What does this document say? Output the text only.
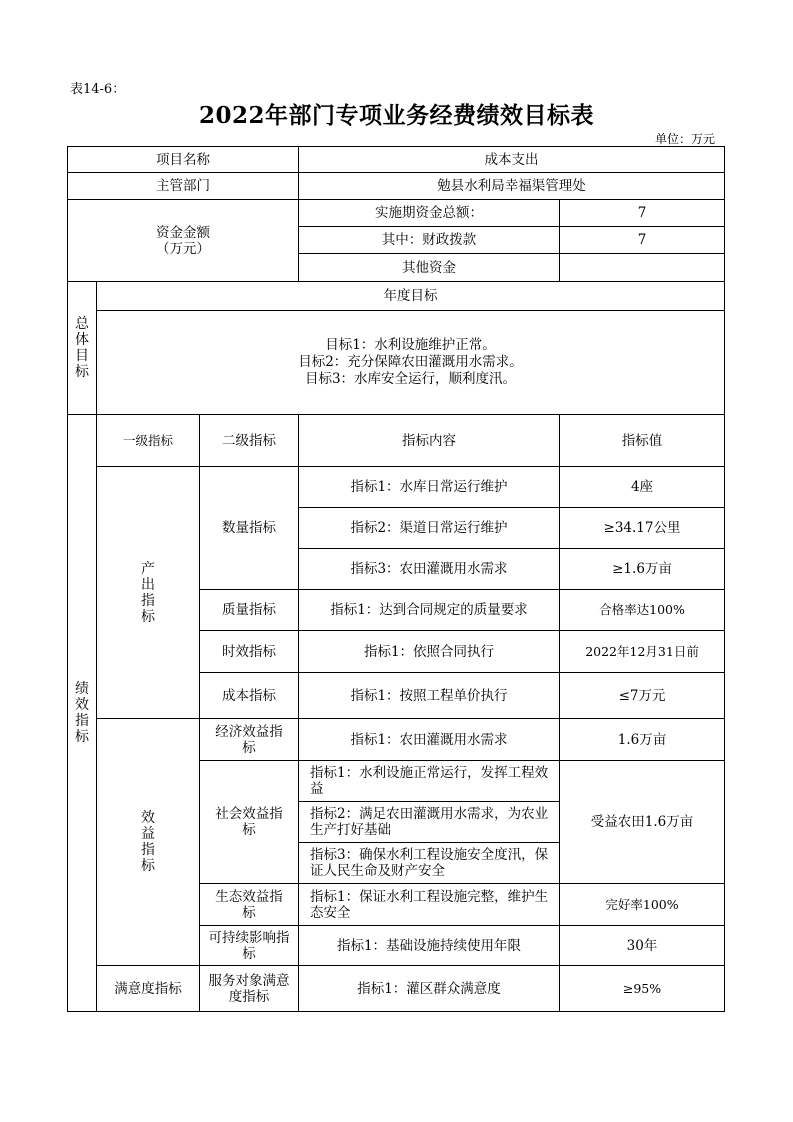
表14-6：
2022年部门专项业务经费绩效目标表
单位：万元
项目名称			成本支出	
主管部门			勉县水利局幸福渠管理处	

资金金额
（万元）			实施期资金总额：	7
			其中：财政拨款	7
			其他资金	
总体目标	年度目标			

	目标1：水利设施维护正常。
目标2：充分保障农田灌溉用水需求。
目标3：水库安全运行，顺利度汛。			

绩效指标	一级指标	二级指标	指标内容	指标值
	产出指标	数量指标	指标1：水库日常运行维护	4座
			指标2：渠道日常运行维护	≥34.17公里
			指标3：农田灌溉用水需求	≥1.6万亩
		质量指标	指标1：达到合同规定的质量要求	合格率达100%
		时效指标	指标1：依照合同执行	2022年12月31日前
		成本指标	指标1：按照工程单价执行	≤7万元
	效益指标	经济效益指标	指标1：农田灌溉用水需求	1.6万亩

		社会效益指标	指标1：水利设施正常运行，发挥工程效益	受益农田1.6万亩

			指标2：满足农田灌溉用水需求，为农业生产打好基础	

			指标3：确保水利工程设施安全度汛，保证人民生命及财产安全	

		生态效益指标	指标1：保证水利工程设施完整，维护生态安全	完好率100%

		可持续影响指标	指标1：基础设施持续使用年限	30年
	满意度指标	服务对象满意度指标	指标1：灌区群众满意度	≥95%
